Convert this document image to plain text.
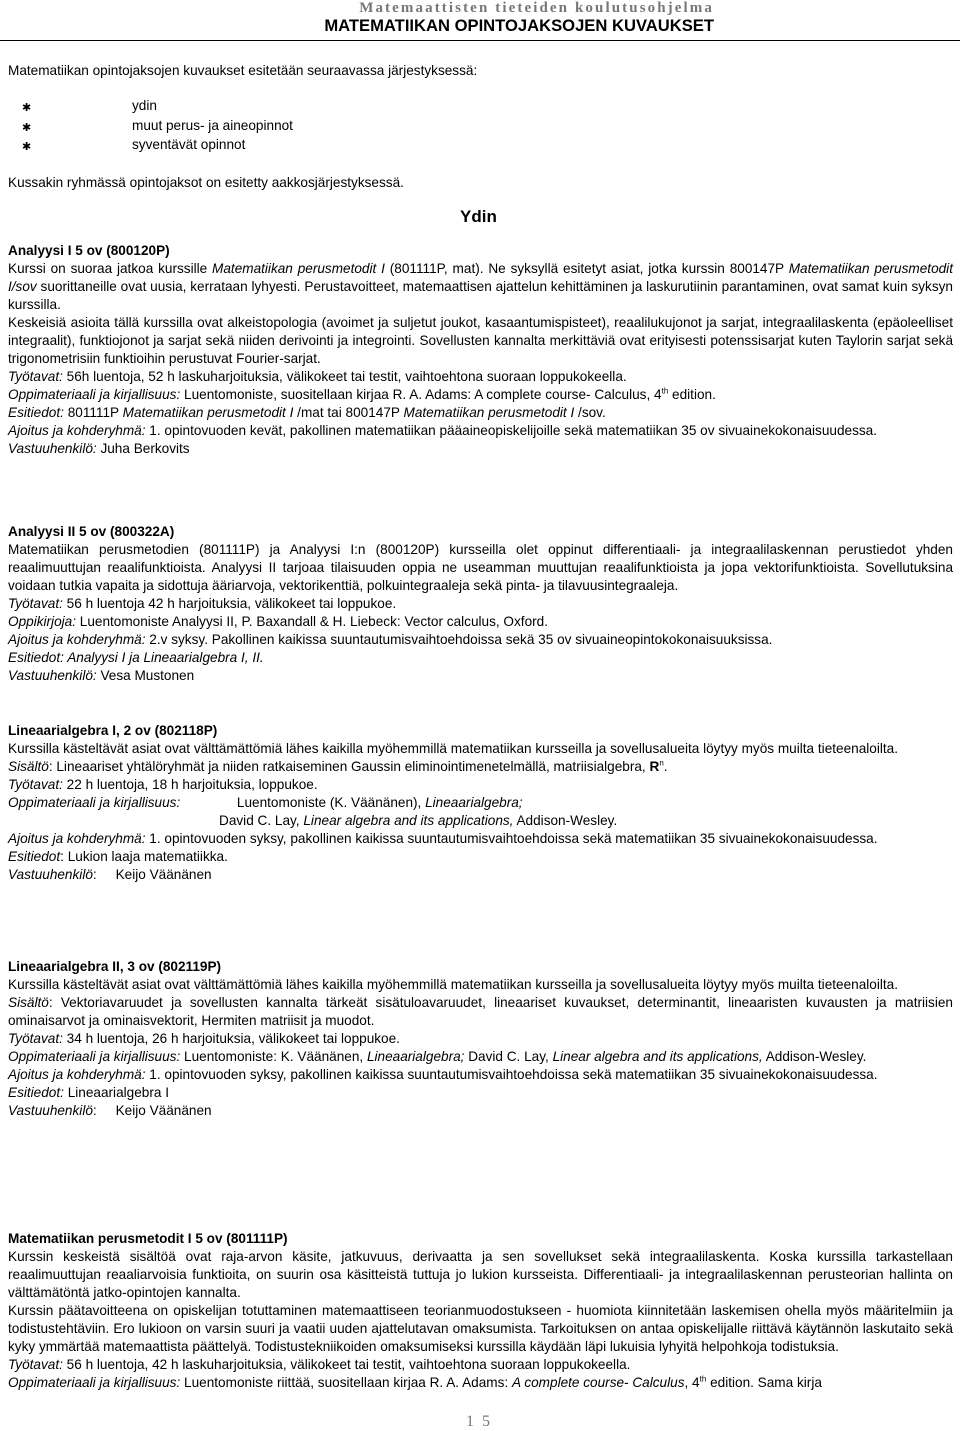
Matemaattisten tieteiden koulutusohjelma
MATEMATIIKAN OPINTOJAKSOJEN KUVAUKSET

Matematiikan opintojaksojen kuvaukset esitetään seuraavassa järjestyksessä:

✱	ydin
✱	muut perus- ja aineopinnot
✱	syventävät opinnot

Kussakin ryhmässä opintojaksot on esitetty aakkosjärjestyksessä.

Ydin

Analyysi I 5 ov (800120P)

Kurssi on suoraa jatkoa kurssille Matematiikan perusmetodit I (801111P, mat). Ne syksyllä esitetyt asiat, jotka kurssin 800147P Matematiikan perusmetodit I/sov suorittaneille ovat uusia, kerrataan lyhyesti. Perustavoitteet, matemaattisen ajattelun kehittäminen ja laskurutiinin parantaminen, ovat samat kuin syksyn kurssilla.

Keskeisiä asioita tällä kurssilla ovat alkeistopologia (avoimet ja suljetut joukot, kasaantumispisteet), reaalilukujonot ja sarjat, integraalilaskenta (epäoleelliset integraalit), funktiojonot ja sarjat sekä niiden derivointi ja integrointi. Sovellusten kannalta merkittäviä ovat erityisesti potenssisarjat kuten Taylorin sarjat sekä trigonometrisiin funktioihin perustuvat Fourier-sarjat.

Työtavat: 56h luentoja, 52 h laskuharjoituksia, välikokeet tai testit, vaihtoehtona suoraan loppukokeella.

Oppimateriaali ja kirjallisuus: Luentomoniste, suositellaan kirjaa R. A. Adams: A complete course- Calculus, 4th edition.

Esitiedot: 801111P Matematiikan perusmetodit I /mat tai 800147P Matematiikan perusmetodit I /sov.

Ajoitus ja kohderyhmä: 1. opintovuoden kevät, pakollinen matematiikan pääaineopiskelijoille sekä matematiikan 35 ov sivuainekokonaisuudessa.

Vastuuhenkilö: Juha Berkovits

Analyysi II 5 ov (800322A)

Matematiikan perusmetodien (801111P) ja Analyysi I:n (800120P) kursseilla olet oppinut differentiaali- ja integraalilaskennan perustiedot yhden reaalimuuttujan reaalifunktioista. Analyysi II tarjoaa tilaisuuden oppia ne useamman muuttujan reaalifunktioista ja jopa vektorifunktioista. Sovellutuksina voidaan tutkia vapaita ja sidottuja ääriarvoja, vektorikenttiä, polkuintegraaleja sekä pinta- ja tilavuusintegraaleja.

Työtavat: 56 h luentoja 42 h harjoituksia, välikokeet tai loppukoe.

Oppikirjoja: Luentomoniste Analyysi II, P. Baxandall & H. Liebeck: Vector calculus, Oxford.

Ajoitus ja kohderyhmä: 2.v syksy. Pakollinen kaikissa suuntautumisvaihtoehdoissa sekä 35 ov sivuaineopintokokonaisuuksissa.

Esitiedot: Analyysi I ja Lineaarialgebra I, II.

Vastuuhenkilö: Vesa Mustonen

Lineaarialgebra I, 2 ov (802118P)

Kurssilla kästeltävät asiat ovat välttämättömiä lähes kaikilla myöhemmillä matematiikan kursseilla ja sovellusalueita löytyy myös muilta tieteenaloilta.

Sisältö: Lineaariset yhtälöryhmät ja niiden ratkaiseminen Gaussin eliminointimenetelmällä, matriisialgebra, $R^n$.

Työtavat: 22 h luentoja, 18 h harjoituksia, loppukoe.

Oppimateriaali ja kirjallisuus:               Luentomoniste (K. Väänänen), Lineaarialgebra;

David C. Lay, Linear algebra and its applications, Addison-Wesley.

Ajoitus ja kohderyhmä: 1. opintovuoden syksy, pakollinen kaikissa suuntautumisvaihtoehdoissa sekä matematiikan 35 sivuainekokonaisuudessa.

Esitiedot: Lukion laaja matematiikka.

Vastuuhenkilö:     Keijo Väänänen

Lineaarialgebra II, 3 ov (802119P)

Kurssilla kästeltävät asiat ovat välttämättömiä lähes kaikilla myöhemmillä matematiikan kursseilla ja sovellusalueita löytyy myös muilta tieteenaloilta.

Sisältö: Vektoriavaruudet ja sovellusten kannalta tärkeät sisätuloavaruudet, lineaariset kuvaukset, determinantit, lineaaristen kuvausten ja matriisien ominaisarvot ja ominaisvektorit, Hermiten matriisit ja muodot.

Työtavat: 34 h luentoja, 26 h harjoituksia, välikokeet tai loppukoe.

Oppimateriaali ja kirjallisuus: Luentomoniste: K. Väänänen, Lineaarialgebra; David C. Lay, Linear algebra and its applications, Addison-Wesley.

Ajoitus ja kohderyhmä: 1. opintovuoden syksy, pakollinen kaikissa suuntautumisvaihtoehdoissa sekä matematiikan 35 sivuainekokonaisuudessa.

Esitiedot: Lineaarialgebra I

Vastuuhenkilö:     Keijo Väänänen

Matematiikan perusmetodit I 5 ov (801111P)

Kurssin keskeistä sisältöä ovat raja-arvon käsite, jatkuvuus, derivaatta ja sen sovellukset sekä integraalilaskenta. Koska kurssilla tarkastellaan reaalimuuttujan reaaliarvoisia funktioita, on suurin osa käsitteistä tuttuja jo lukion kursseista. Differentiaali- ja integraalilaskennan perusteorian hallinta on välttämätöntä jatko-opintojen kannalta.

Kurssin päätavoitteena on opiskelijan totuttaminen matemaattiseen teorianmuodostukseen - huomiota kiinnitetään laskemisen ohella myös määritelmiin ja todistustehtäviin. Ero lukioon on varsin suuri ja vaatii uuden ajattelutavan omaksumista. Tarkoituksen on antaa opiskelijalle riittävä käytännön laskutaito sekä kyky ymmärtää matemaattista päättelyä. Todistustekniikoiden omaksumiseksi kurssilla käydään läpi lukuisia lyhyitä helpohkoja todistuksia.

Työtavat: 56 h luentoja, 42 h laskuharjoituksia, välikokeet tai testit, vaihtoehtona suoraan loppukokeella.

Oppimateriaali ja kirjallisuus: Luentomoniste riittää, suositellaan kirjaa R. A. Adams: A complete course- Calculus, 4th edition. Sama kirja

1 5
